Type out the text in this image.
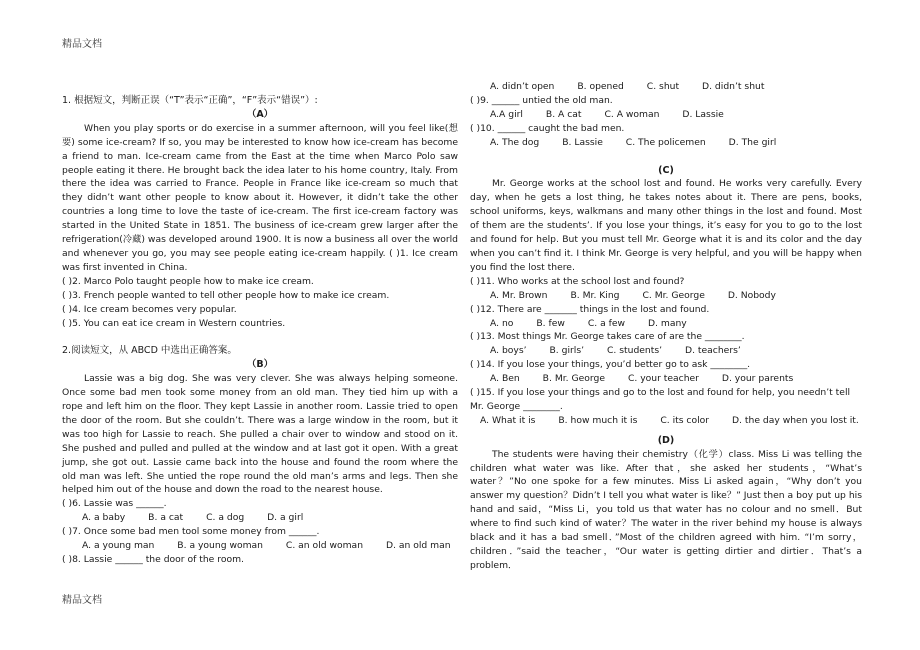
精品文档

1. 根据短文，判断正误（“T”表示“正确”，“F”表示“错误”）:

（A）

When you play sports or do exercise in a summer afternoon, will you feel like(想要) some ice-cream? If so, you may be interested to know how ice-cream has become a friend to man. Ice-cream came from the East at the time when Marco Polo saw people eating it there. He brought back the idea later to his home country, Italy. From there the idea was carried to France. People in France like ice-cream so much that they didn’t want other people to know about it. However, it didn’t take the other countries a long time to love the taste of ice-cream. The first ice-cream factory was started in the United State in 1851. The business of ice-cream grew larger after the refrigeration(冷藏) was developed around 1900. It is now a business all over the world and whenever you go, you may see people eating ice-cream happily. ( )1. Ice cream was first invented in China.

( )2. Marco Polo taught people how to make ice cream.

( )3. French people wanted to tell other people how to make ice cream.

( )4. Ice cream becomes very popular.

( )5. You can eat ice cream in Western countries.

2.阅读短文，从 ABCD 中选出正确答案。

（B）

Lassie was a big dog. She was very clever. She was always helping someone. Once some bad men took some money from an old man. They tied him up with a rope and left him on the floor. They kept Lassie in another room. Lassie tried to open the door of the room. But she couldn’t. There was a large window in the room, but it was too high for Lassie to reach. She pulled a chair over to window and stood on it. She pushed and pulled and pulled at the window and at last got it open. With a great jump, she got out. Lassie came back into the house and found the room where the old man was left. She untied the rope round the old man’s arms and legs. Then she helped him out of the house and down the road to the nearest house.

( )6. Lassie was ______.

A. a baby B. a cat C. a dog D. a girl

( )7. Once some bad men tool some money from ______.

A. a young man B. a young woman C. an old woman D. an old man

( )8. Lassie ______ the door of the room.

A. didn’t open B. opened C. shut D. didn’t shut

( )9. ______ untied the old man.

A.A girl B. A cat C. A woman D. Lassie

( )10. ______ caught the bad men.

A. The dog B. Lassie C. The policemen D. The girl

(C)

Mr. George works at the school lost and found. He works very carefully. Every day, when he gets a lost thing, he takes notes about it. There are pens, books, school uniforms, keys, walkmans and many other things in the lost and found. Most of them are the students’. If you lose your things, it’s easy for you to go to the lost and found for help. But you must tell Mr. George what it is and its color and the day when you can’t find it. I think Mr. George is very helpful, and you will be happy when you find the lost there.

( )11. Who works at the school lost and found?

A. Mr. Brown B. Mr. King C. Mr. George D. Nobody

( )12. There are _______ things in the lost and found.

A. no B. few C. a few D. many

( )13. Most things Mr. George takes care of are the ________.

A. boys’ B. girls’ C. students’ D. teachers’

( )14. If you lose your things, you’d better go to ask ________.

A. Ben B. Mr. George C. your teacher D. your parents

( )15. If you lose your things and go to the lost and found for help, you needn’t tell Mr. George ________.

A. What it is B. how much it is C. its color D. the day when you lost it.

(D)

The students were having their chemistry（化学）class. Miss Li was telling the children what water was like. After that，she asked her students，“What’s water？”No one spoke for a few minutes. Miss Li asked again，“Why don’t you answer my question？Didn’t I tell you what water is like？” Just then a boy put up his hand and said，“Miss Li，you told us that water has no colour and no smell．But where to find such kind of water？The water in the river behind my house is always black and it has a bad smell．”Most of the children agreed with him. “I’m sorry，children．”said the teacher，“Our water is getting dirtier and dirtier．That’s a problem．

精品文档
